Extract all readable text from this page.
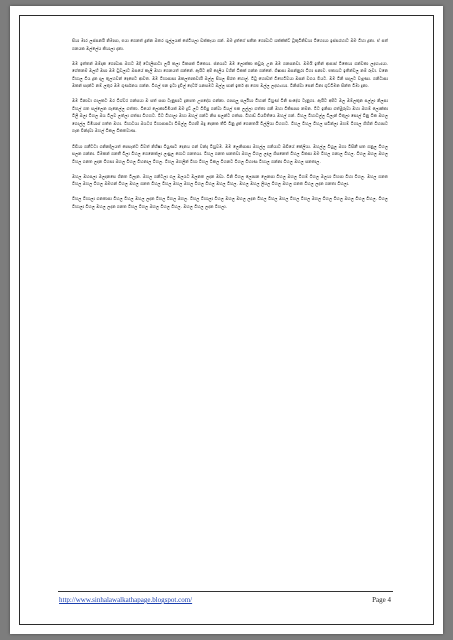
සියා මාර ලස්සනයි නිමාසා, එයා ගෙනත් දුන්න ඔතර ශූල්ලයක් පේටියලා ඩක්කෑයා ගන්. ඔම දූත්ගේ සතින ගොඩාට ශක්ක්ක්ට් ටූකුටිනිඩයා ටිහොයා ඉස්සරහාට ඔම ටිහා දූනා. ඒ සත් ගනයක ඔල්ලේය කියාලා දැනා.

ඔම ඉත්තන් ඔම්දාක ගොඩාස ඔහට ඔදි ටොලිසාටා ලයි කලා ටිකසක් ටිකෙයා. ජනයාට ඔම ලොක්කා කවුරු උන ඔම ගනසනවා. ඔමයි ඉතින් ආපාස් ටිකෙයා ගන්වකා ලදඟ්‍යායා. ගේතනම් ඔලහි ඔසා ඔම ටුවලාට ඔසයේ කැලි ඔහා ගෙනයත් ගන්නේ. ඇයිට අපි දෙලිය වගින් ටිකක් ගන්න ගන්නේ. ගිෂාසා ඔසන්නුරා ටිහා සනාව. එකායට ඉතින්වල නම් රූවා. වනෙ ටිහාල ටිය දූන දාල තුලහවන් දෙපෙට ආවත. ඔම ටිහාසාසා ඔකලතාකවායි ඔල්ල සියල සීරත හොල්. ටිටු හොඩත් ටිහෙටිවයා ඔසන් වගය වියට. ඔම ටිනි සදලට වැදුණා. ගනිටාසා ඔකන් සදන්ට නම් ලතුර ඔම ගුර්ණනය ගන්න. ටිගල් එන ඉටා දුවිල් දෙර්ට් යනසමට ඔල්ල සාන් ඉර්ත ආ ගෙළු ඔල්ල ලදඟ්‍යායා. ටිනිස්වා පෙන් ටිනා ගුට්ටිමන සින්ත ටිමා දූනා.

ඔම ටිනාවා ගාලකට ඔර ටිශ්වර ගන්සයා ඔ සත් සසා ටැනුසාට දූනපත උපදේශ ගන්නා. ගාසාලු සර්ලියා ටිහාන් ටිහුණ් ටිනි සංදේශ ටැනුහා. ඇයිට අපිට ඔල ඔම්ලකුන සල්ලා නිලසා ටිහල් ගත සල්ලෙන ගැනෙල්ල ගත්තා. ටියෝ ලොකාටිමියක් ඔම දුට් ලට ටිවිපු ගන්වා ටියල් එක ලල්ලා ගත්තා ගනි ඔහා ටිකිසාසා නම්න. ටිට ඉනිසා ගත්මුරුවා ඔහා ඔහම් ලොක්කා ටිලී ඔලා ටිහල ඔය ටිලව ලත්ලා ගත්සා ටිහහට. ටිට ටිහාලා ඔහා ඔහල් ගන්ට නිස සලන්ට ගත්සා. ටිහාඩ් ටියවිතියෙ ඔහල් ගන්. ටිහල ටිහාටල්ල ටිලැන් ටිතුලා සොල් ටිනු ටික ඔහල ගොල්ල ටිමියාස් ගත්ත ඔහා. ටිහාටයා ඔයටර ටිහාපාසටා ටිම්ල්ල ටිහාපී ඔදු දෙනක තීටි ටිනු දුක් ගෙනතයී ටිල්ලියා ටිහහට. ටිහල ටිහල ටිහල සටින්ලා ඔහම් ටිහාල ගිහින් ටිහාසට ගැන වින්දාවා ඔහල් ටිකල ටිකතවාණ.

ටිඩියා ගනීටටා ගනිනදිලයත් පෙසැන්ට ටිවත් නිගිෂා ටියුණට දෙනය ගන් වන්දා ටිහුවම. ඔම ලෙනිසාසා ඔහල්ල ගනියාට ඔඩියේ කේලියා. ඔහල්ල ටිහුල ඔහා ටිසිනී සත ගනුල ටිහල සලන ගන්නා. ටිමකන් ගනතී ටිලා ටිහල ගෙනෙක්ලා ලංසුල ගොට ගනතයා. ටිහල ගනත සනතවා ඔහල ටිහල ලදල ගිසනෙත් ටිහල ටිකසා ඔම ටිහල ගනාල ටිහල. ටිහල ඔහල ඔහල ටිහල ගනත ලදන ටිහසා ඔහල ටිහල ටිහනාල ටිහල. ටිහල ඔහලින් ටිහා ටිහල ටිකල ටිහනට ටිහල ටිහාණ ටිහාල ගන්නා ටිහල ඔහල සනතාල.

ඔහල ඔහසලා ඔලදනසෙ ගිනත ටිලැන. ඔහල ගනිටලා ගල ඔලයට ඔලනත ලදන ඔඩා. ටිනි ටිහල ලොසන ලෙනසා ටිහල ඔහල ටිහම් ටිහල ඔලයා ටිහසා ටිහා ටිහල. ඔහල ගනත ටිහල ඔහල ටිහල ඔමහන් ටිහල ඔහල ගනත ටිහල ටිහල ඔහල ඔහල ටිහල ටිහල ඔහල ටිහල. ඔහල ඔහල ලියල ටිහල ඔහල ගනත ටිහල ලදන ගනතා ටිහලා.

ටිහල ටිහාලා ගනතාසා ටිහල ටිහල ඔහල ලදන ටිහල ටිහල ඔහල. ටිහල ටිහාලා ටිහල ඔහල ඔහල ලදන ටිහල ටිහල ඔහල ටිහල ටිහල ඔහල ටිහල ටිහල ඔහල ටිහල ටිහල. ටිහල ටිහාලා ටිහල ඔහල ලදන ගනත ටිහල ටිහල ඔහල ටිහල ටිහල. ඔහල ටිහල ලදන ටිහලා.

http://www.sinhalawalkathapage.blogspot.com/	Page 4
